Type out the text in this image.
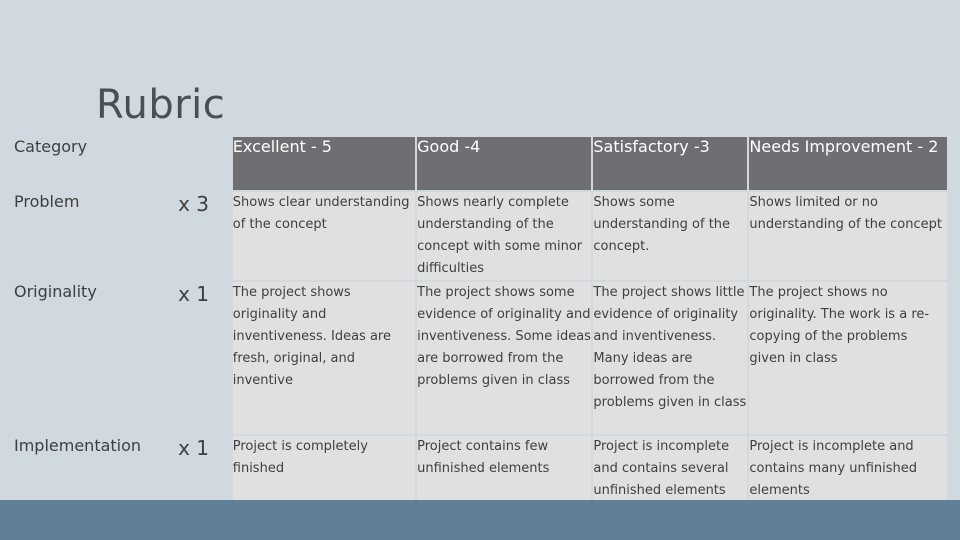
Rubric
Category		Excellent - 5	Good -4	Satisfactory -3	Needs Improvement - 2
Problem	x 3	Shows clear understanding of the concept	Shows nearly complete understanding of the concept with some minor difficulties	Shows some understanding of the concept.	Shows limited or no understanding of the concept
Originality	x 1	The project shows originality and inventiveness. Ideas are fresh, original, and inventive	The project shows some evidence of originality and inventiveness. Some ideas are borrowed from the problems given in class	The project shows little evidence of originality and inventiveness. Many ideas are borrowed from the problems given in class	The project shows no originality. The work is a re-copying of the problems given in class
Implementation	x 1	Project is completely finished	Project contains few unfinished elements	Project is incomplete and contains several unfinished elements	Project is incomplete and contains many unfinished elements
